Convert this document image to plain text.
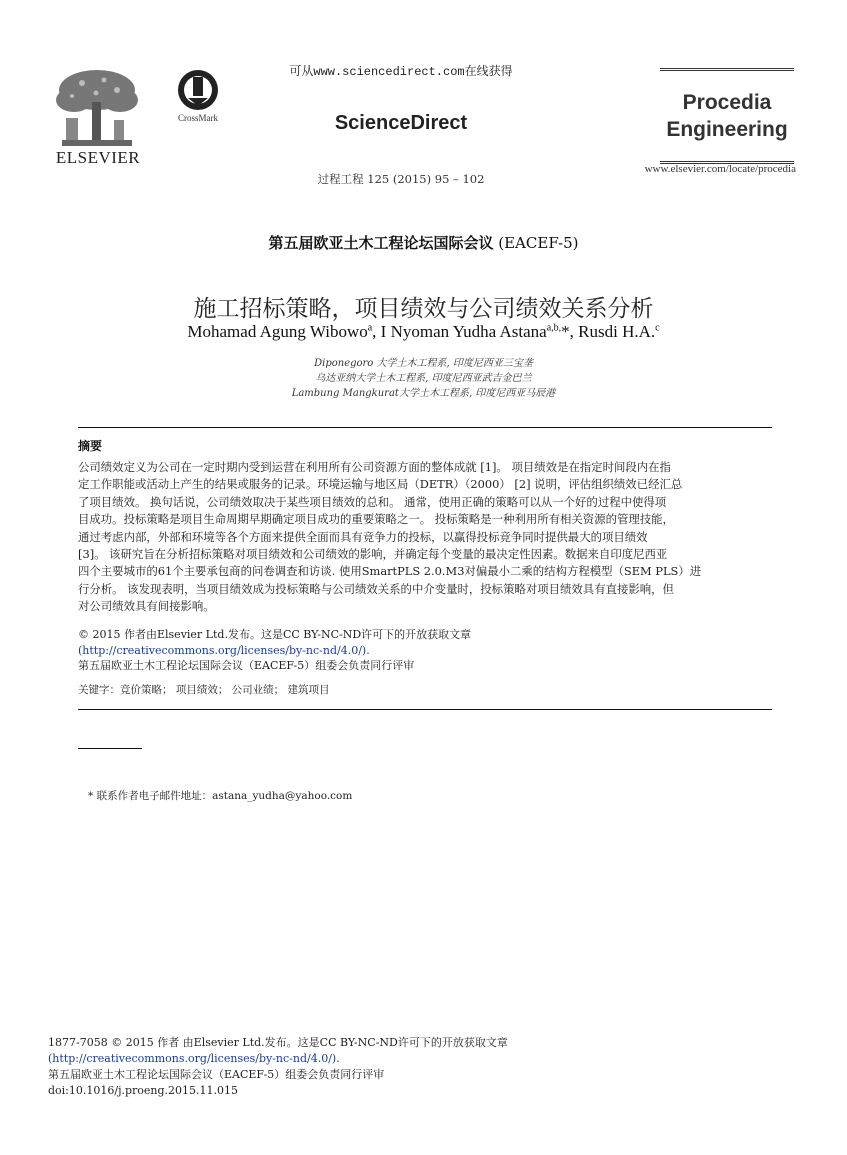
ELSEVIER
CrossMark
可从www.sciencedirect.com在线获得
ScienceDirect
过程工程 125 (2015) 95 – 102
Procedia
Engineering
www.elsevier.com/locate/procedia
第五届欧亚土木工程论坛国际会议 (EACEF-5)
施工招标策略，项目绩效与公司绩效关系分析
Mohamad Agung Wibowo$^a$, I Nyoman Yudha Astana$^{a,b,}$*, Rusdi H.A.$^c$
Diponegoro 大学土木工程系, 印度尼西亚三宝垄
乌达亚纳大学土木工程系, 印度尼西亚武吉金巴兰
Lambung Mangkurat大学土木工程系, 印度尼西亚马辰港
摘要
公司绩效定义为公司在一定时期内受到运营在利用所有公司资源方面的整体成就 [1]。 项目绩效是在指定时间段内在指
定工作职能或活动上产生的结果或服务的记录。环境运输与地区局（DETR）（2000） [2] 说明，评估组织绩效已经汇总
了项目绩效。 换句话说，公司绩效取决于某些项目绩效的总和。 通常，使用正确的策略可以从一个好的过程中使得项
目成功。投标策略是项目生命周期早期确定项目成功的重要策略之一。 投标策略是一种利用所有相关资源的管理技能，
通过考虑内部，外部和环境等各个方面来提供全面而具有竞争力的投标，以赢得投标竞争同时提供最大的项目绩效
[3]。 该研究旨在分析招标策略对项目绩效和公司绩效的影响，并确定每个变量的最决定性因素。数据来自印度尼西亚
四个主要城市的61个主要承包商的问卷调查和访谈. 使用SmartPLS 2.0.M3对偏最小二乘的结构方程模型（SEM PLS）进
行分析。 该发现表明，当项目绩效成为投标策略与公司绩效关系的中介变量时，投标策略对项目绩效具有直接影响，但
对公司绩效具有间接影响。
© 2015 作者由Elsevier Ltd.发布。这是CC BY-NC-ND许可下的开放获取文章
(http://creativecommons.org/licenses/by-nc-nd/4.0/).
第五届欧亚土木工程论坛国际会议（EACEF-5）组委会负责同行评审
关键字：竞价策略； 项目绩效； 公司业绩； 建筑项目
* 联系作者电子邮件地址：astana_yudha@yahoo.com
1877-7058 © 2015 作者 由Elsevier Ltd.发布。这是CC BY-NC-ND许可下的开放获取文章
(http://creativecommons.org/licenses/by-nc-nd/4.0/).
第五届欧亚土木工程论坛国际会议（EACEF-5）组委会负责同行评审
doi:10.1016/j.proeng.2015.11.015
